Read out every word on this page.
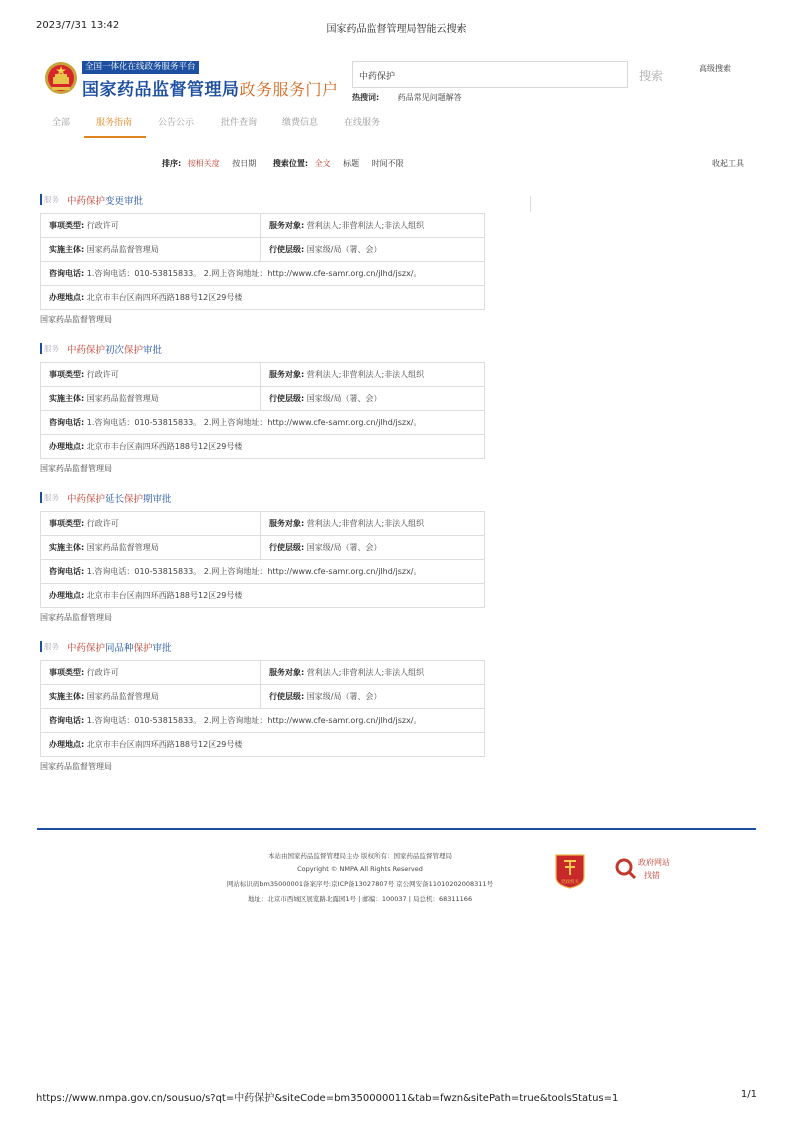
2023/7/31 13:42	国家药品监督管理局智能云搜索
全国一体化在线政务服务平台
国家药品监督管理局政务服务门户
中药保护
搜索
高级搜索
热搜词: 药品常见问题解答
全部	服务指南	公告公示	批件查询	缴费信息	在线服务
排序: 按相关度 按日期 搜索位置: 全文 标题 时间不限	收起工具
服务 中药保护变更审批
事项类型: 行政许可	服务对象: 营利法人;非营利法人;非法人组织
实施主体: 国家药品监督管理局	行使层级: 国家级/局（署、会）
咨询电话: 1.咨询电话：010-53815833。 2.网上咨询地址：http://www.cfe-samr.org.cn/jlhd/jszx/。
办理地点: 北京市丰台区南四环西路188号12区29号楼
国家药品监督管理局
服务 中药保护初次保护审批
事项类型: 行政许可	服务对象: 营利法人;非营利法人;非法人组织
实施主体: 国家药品监督管理局	行使层级: 国家级/局（署、会）
咨询电话: 1.咨询电话：010-53815833。 2.网上咨询地址：http://www.cfe-samr.org.cn/jlhd/jszx/。
办理地点: 北京市丰台区南四环西路188号12区29号楼
国家药品监督管理局
服务 中药保护延长保护期审批
事项类型: 行政许可	服务对象: 营利法人;非营利法人;非法人组织
实施主体: 国家药品监督管理局	行使层级: 国家级/局（署、会）
咨询电话: 1.咨询电话：010-53815833。 2.网上咨询地址：http://www.cfe-samr.org.cn/jlhd/jszx/。
办理地点: 北京市丰台区南四环西路188号12区29号楼
国家药品监督管理局
服务 中药保护同品种保护审批
事项类型: 行政许可	服务对象: 营利法人;非营利法人;非法人组织
实施主体: 国家药品监督管理局	行使层级: 国家级/局（署、会）
咨询电话: 1.咨询电话：010-53815833。 2.网上咨询地址：http://www.cfe-samr.org.cn/jlhd/jszx/。
办理地点: 北京市丰台区南四环西路188号12区29号楼
国家药品监督管理局
本站由国家药品监督管理局主办 版权所有：国家药品监督管理局
Copyright © NMPA All Rights Reserved
网站标识码bm35000001备案序号:京ICP备13027807号 京公网安备11010202008311号
地址：北京市西城区展览路北露园1号 | 邮编：100037 | 局总机：68311166
党政机关
政府网站
找错
https://www.nmpa.gov.cn/sousuo/s?qt=中药保护&siteCode=bm350000011&tab=fwzn&sitePath=true&toolsStatus=1	1/1
